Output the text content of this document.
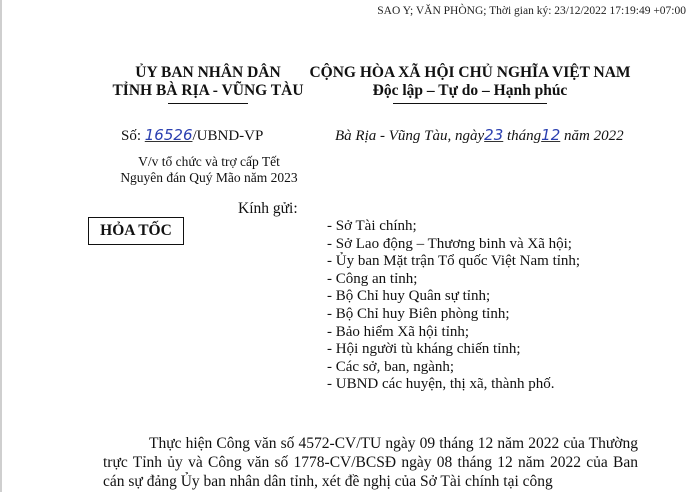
SAO Y; VĂN PHÒNG; Thời gian ký: 23/12/2022 17:19:49 +07:00
ỦY BAN NHÂN DÂN
TỈNH BÀ RỊA - VŨNG TÀU
CỘNG HÒA XÃ HỘI CHỦ NGHĨA VIỆT NAM
Độc lập – Tự do – Hạnh phúc
Số: 16526/UBND-VP	Bà Rịa - Vũng Tàu, ngày23 tháng12 năm 2022
V/v tổ chức và trợ cấp Tết
Nguyên đán Quý Mão năm 2023
Kính gửi:
HỎA TỐC	- Sở Tài chính;
- Sở Lao động – Thương binh và Xã hội;
- Ủy ban Mặt trận Tổ quốc Việt Nam tỉnh;
- Công an tỉnh;
- Bộ Chỉ huy Quân sự tỉnh;
- Bộ Chỉ huy Biên phòng tỉnh;
- Bảo hiểm Xã hội tỉnh;
- Hội người tù kháng chiến tỉnh;
- Các sở, ban, ngành;
- UBND các huyện, thị xã, thành phố.
Thực hiện Công văn số 4572-CV/TU ngày 09 tháng 12 năm 2022 của Thường trực Tỉnh ủy và Công văn số 1778-CV/BCSĐ ngày 08 tháng 12 năm 2022 của Ban cán sự đảng Ủy ban nhân dân tỉnh, xét đề nghị của Sở Tài chính tại công
